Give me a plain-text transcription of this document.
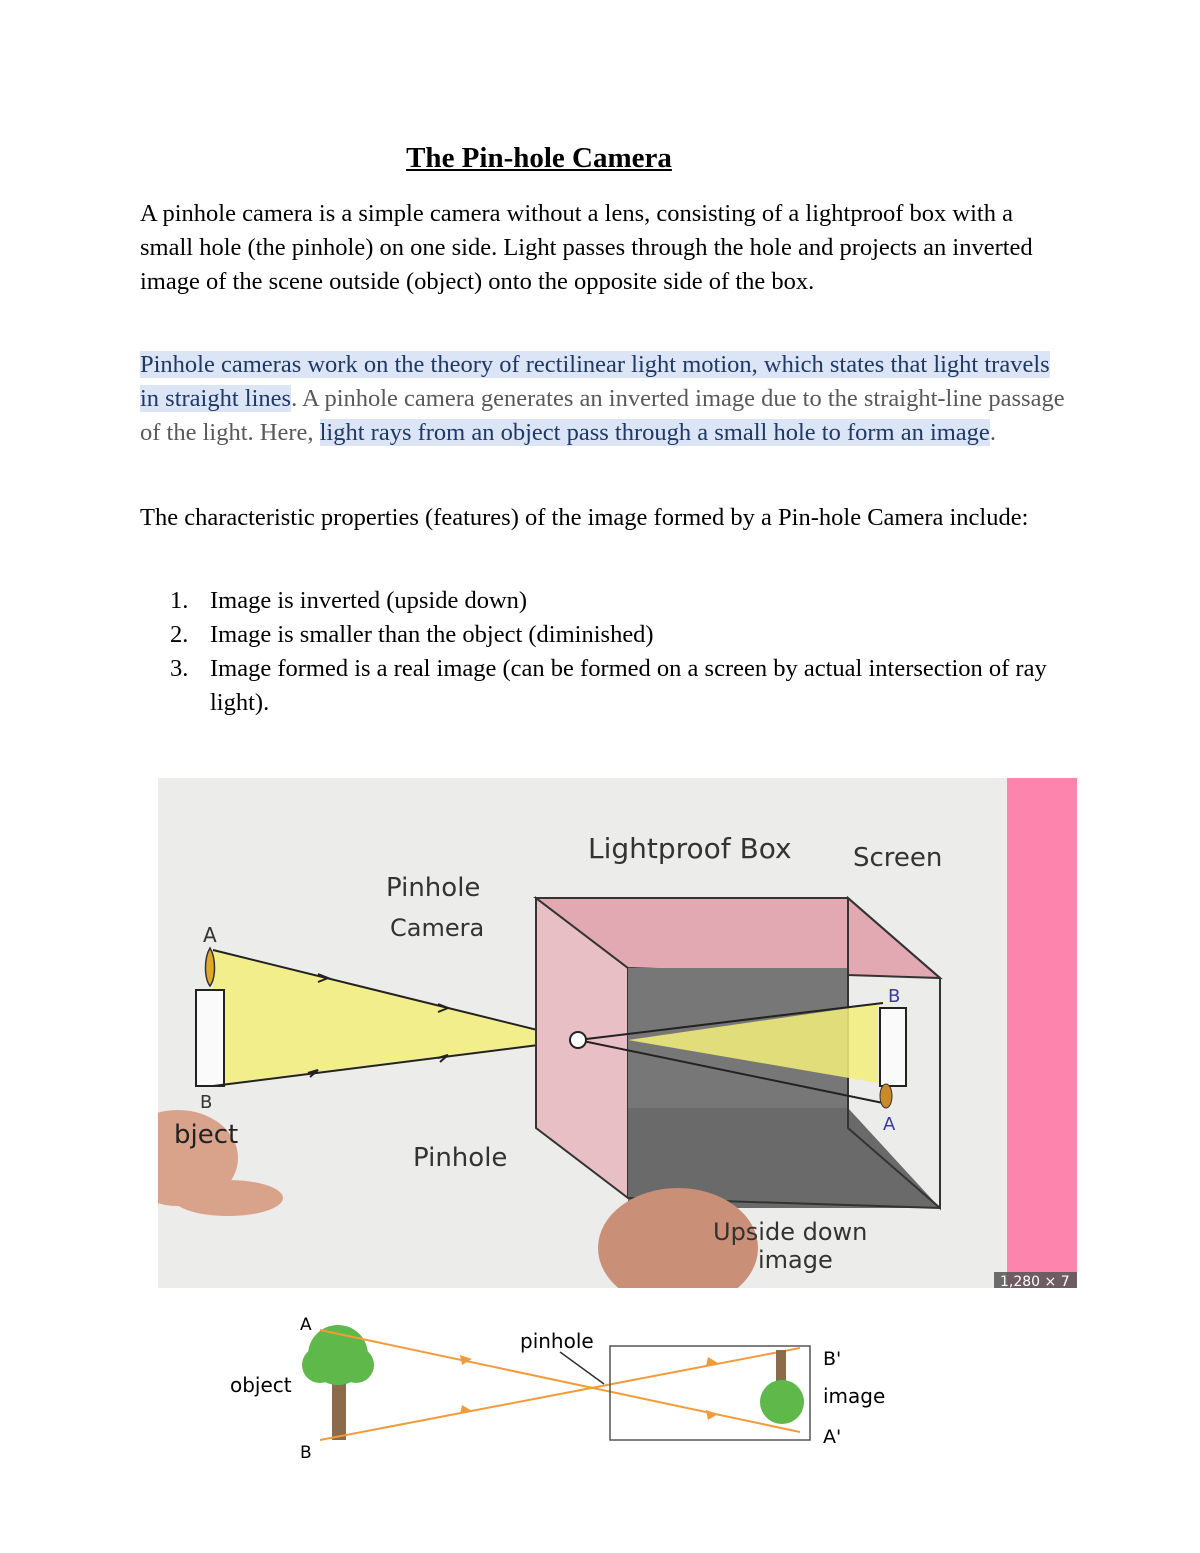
The Pin-hole Camera

A pinhole camera is a simple camera without a lens, consisting of a lightproof box with a small hole (the pinhole) on one side. Light passes through the hole and projects an inverted image of the scene outside (object) onto the opposite side of the box.

Pinhole cameras work on the theory of rectilinear light motion, which states that light travels in straight lines. A pinhole camera generates an inverted image due to the straight-line passage of the light. Here, light rays from an object pass through a small hole to form an image.

The characteristic properties (features) of the image formed by a Pin-hole Camera include:

1. Image is inverted (upside down)
2. Image is smaller than the object (diminished)
3. Image formed is a real image (can be formed on a screen by actual intersection of ray light).
A
B
bject
Pinhole
Camera
Lightproof Box Screen
Pinhole
B
A
Upside down
image
1,280 × 7
A
B
object
pinhole
B'
image
A'
